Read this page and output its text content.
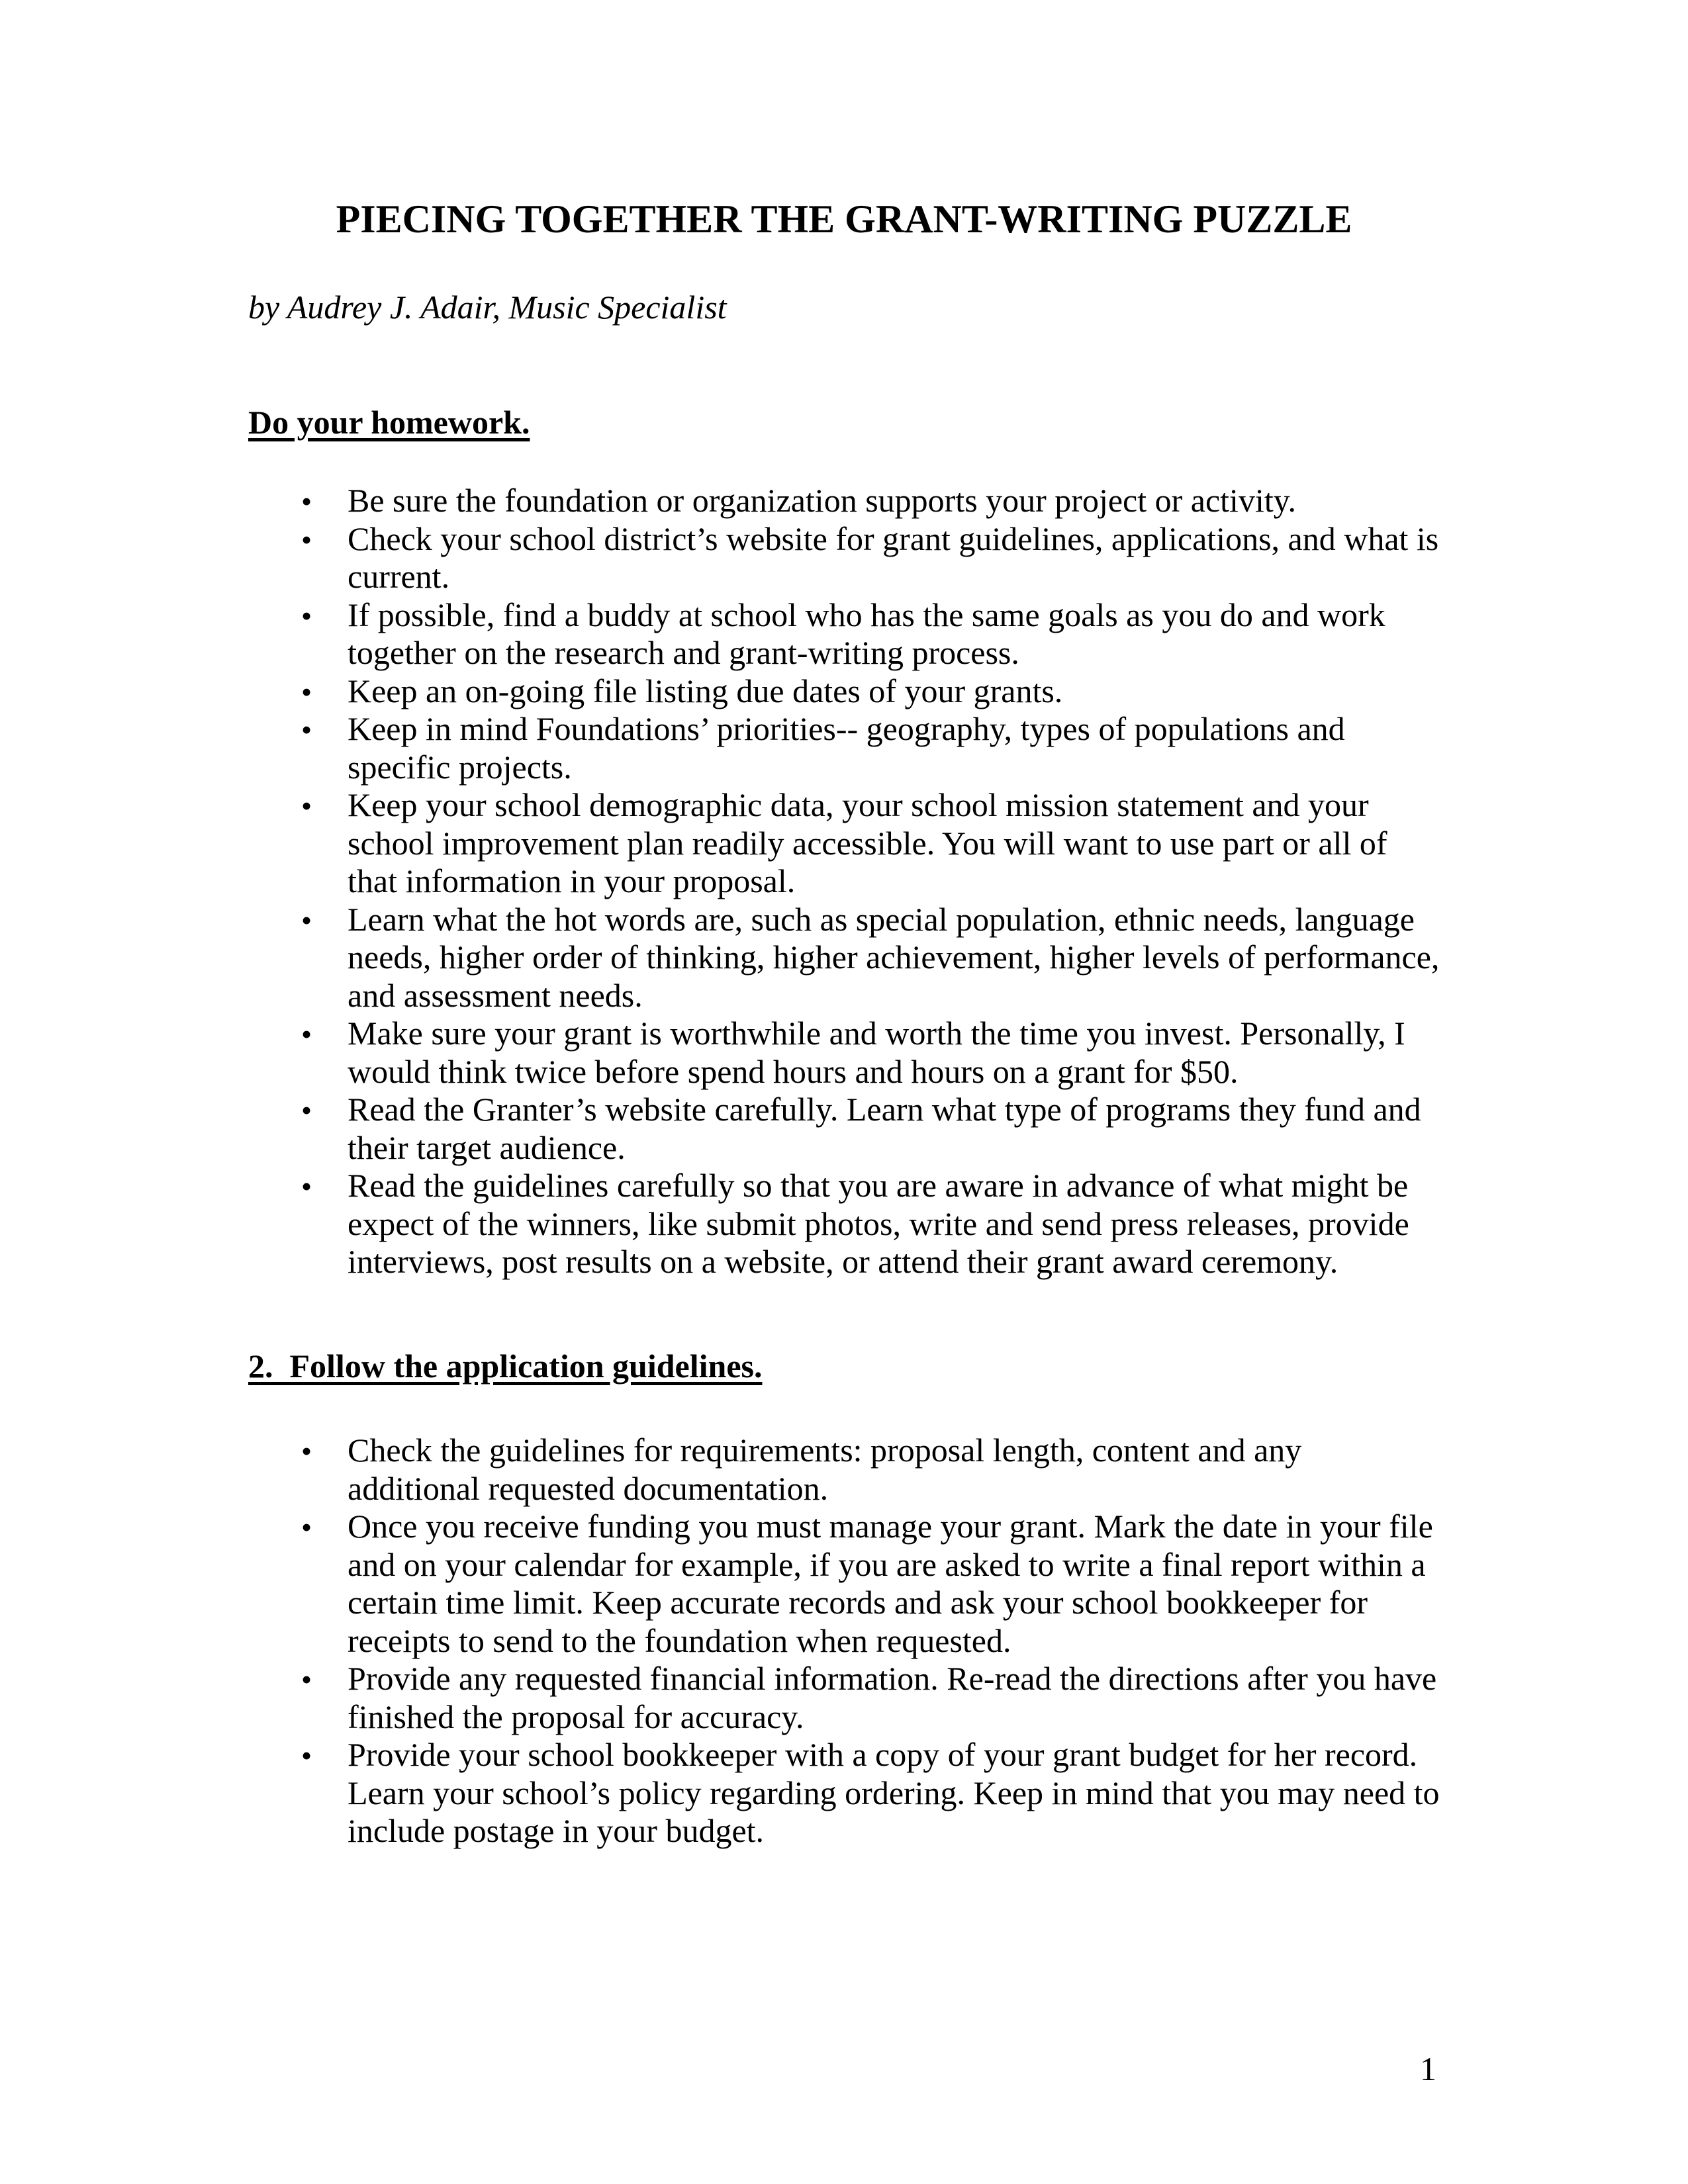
PIECING TOGETHER THE GRANT-WRITING PUZZLE

by Audrey J. Adair, Music Specialist

Do your homework.
• Be sure the foundation or organization supports your project or activity.
• Check your school district’s website for grant guidelines, applications, and what is current.
• If possible, find a buddy at school who has the same goals as you do and work together on the research and grant-writing process.
• Keep an on-going file listing due dates of your grants.
• Keep in mind Foundations’ priorities-- geography, types of populations and specific projects.
• Keep your school demographic data, your school mission statement and your school improvement plan readily accessible. You will want to use part or all of that information in your proposal.
• Learn what the hot words are, such as special population, ethnic needs, language needs, higher order of thinking, higher achievement, higher levels of performance, and assessment needs.
• Make sure your grant is worthwhile and worth the time you invest. Personally, I would think twice before spend hours and hours on a grant for $50.
• Read the Granter’s website carefully. Learn what type of programs they fund and their target audience.
• Read the guidelines carefully so that you are aware in advance of what might be expect of the winners, like submit photos, write and send press releases, provide interviews, post results on a website, or attend their grant award ceremony.
2.  Follow the application guidelines.
• Check the guidelines for requirements: proposal length, content and any additional requested documentation.
• Once you receive funding you must manage your grant. Mark the date in your file and on your calendar for example, if you are asked to write a final report within a certain time limit. Keep accurate records and ask your school bookkeeper for receipts to send to the foundation when requested.
• Provide any requested financial information. Re-read the directions after you have finished the proposal for accuracy.
• Provide your school bookkeeper with a copy of your grant budget for her record. Learn your school’s policy regarding ordering. Keep in mind that you may need to include postage in your budget.
1
